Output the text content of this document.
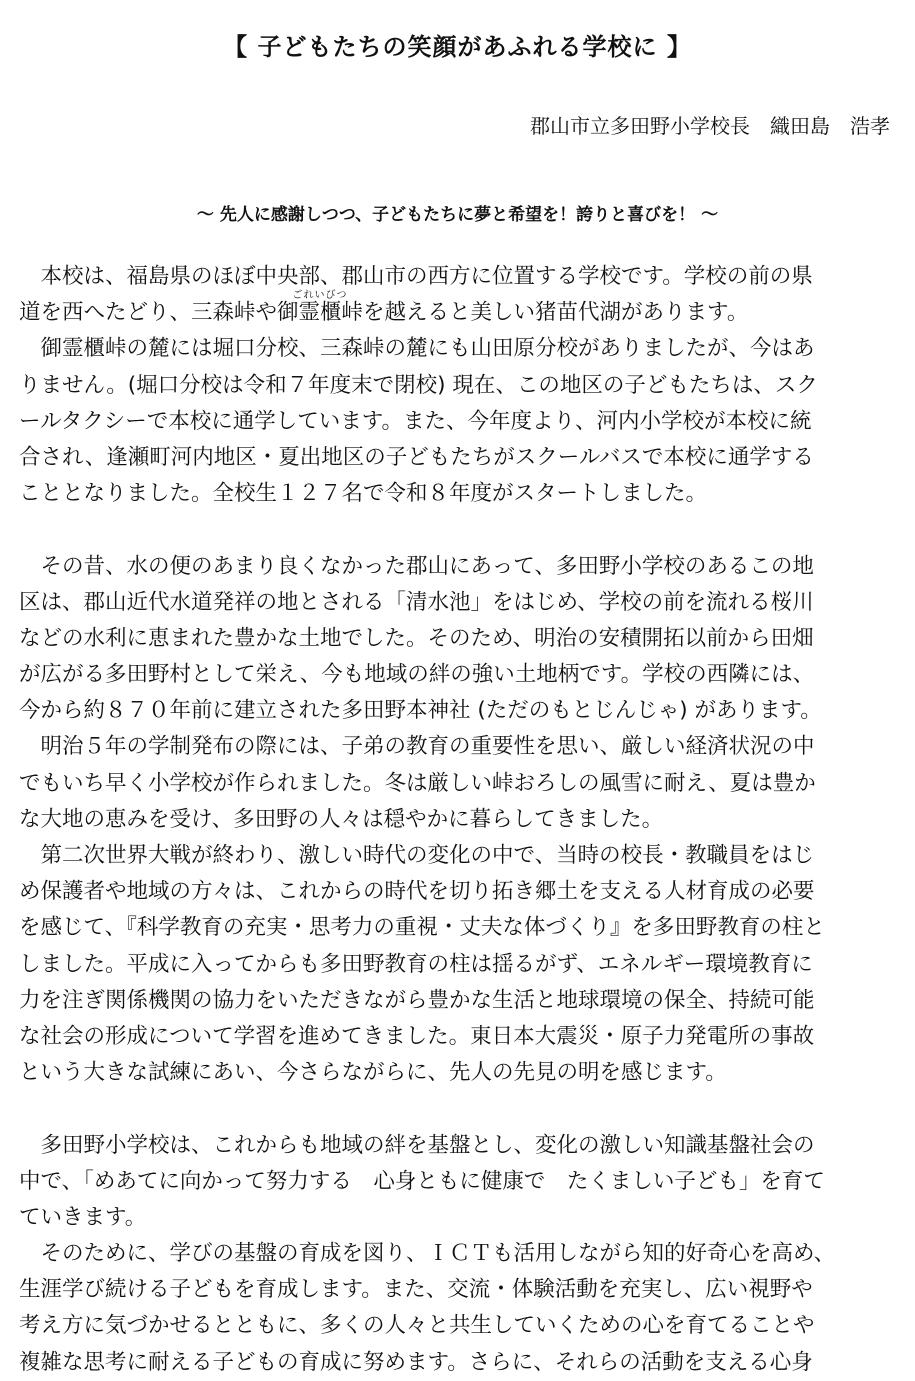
【 子どもたちの笑顔があふれる学校に 】
郡山市立多田野小学校長　織田島　浩孝
～ 先人に感謝しつつ、子どもたちに夢と希望を！誇りと喜びを！ ～
　本校は、福島県のほぼ中央部、郡山市の西方に位置する学校です。学校の前の県
道を西へたどり、三森峠や
ごれいびつ
御霊櫃峠を越えると美しい猪苗代湖があります。
　御霊櫃峠の麓には堀口分校、三森峠の麓にも山田原分校がありましたが、今はあ
りません。(堀口分校は令和７年度末で閉校) 現在、この地区の子どもたちは、スク
ールタクシーで本校に通学しています。また、今年度より、河内小学校が本校に統
合され、逢瀬町河内地区・夏出地区の子どもたちがスクールバスで本校に通学する
こととなりました。全校生１２７名で令和８年度がスタートしました。
　その昔、水の便のあまり良くなかった郡山にあって、多田野小学校のあるこの地
区は、郡山近代水道発祥の地とされる「清水池」をはじめ、学校の前を流れる桜川
などの水利に恵まれた豊かな土地でした。そのため、明治の安積開拓以前から田畑
が広がる多田野村として栄え、今も地域の絆の強い土地柄です。学校の西隣には、
今から約８７０年前に建立された多田野本神社 (ただのもとじんじゃ) があります。
　明治５年の学制発布の際には、子弟の教育の重要性を思い、厳しい経済状況の中
でもいち早く小学校が作られました。冬は厳しい峠おろしの風雪に耐え、夏は豊か
な大地の恵みを受け、多田野の人々は穏やかに暮らしてきました。
　第二次世界大戦が終わり、激しい時代の変化の中で、当時の校長・教職員をはじ
め保護者や地域の方々は、これからの時代を切り拓き郷土を支える人材育成の必要
を感じて、『科学教育の充実・思考力の重視・丈夫な体づくり』を多田野教育の柱と
しました。平成に入ってからも多田野教育の柱は揺るがず、エネルギー環境教育に
力を注ぎ関係機関の協力をいただきながら豊かな生活と地球環境の保全、持続可能
な社会の形成について学習を進めてきました。東日本大震災・原子力発電所の事故
という大きな試練にあい、今さらながらに、先人の先見の明を感じます。
　多田野小学校は、これからも地域の絆を基盤とし、変化の激しい知識基盤社会の
中で、「めあてに向かって努力する　心身ともに健康で　たくましい子ども」を育て
ていきます。
　そのために、学びの基盤の育成を図り、ＩＣＴも活用しながら知的好奇心を高め、
生涯学び続ける子どもを育成します。また、交流・体験活動を充実し、広い視野や
考え方に気づかせるとともに、多くの人々と共生していくための心を育てることや
複雑な思考に耐える子どもの育成に努めます。さらに、それらの活動を支える心身
